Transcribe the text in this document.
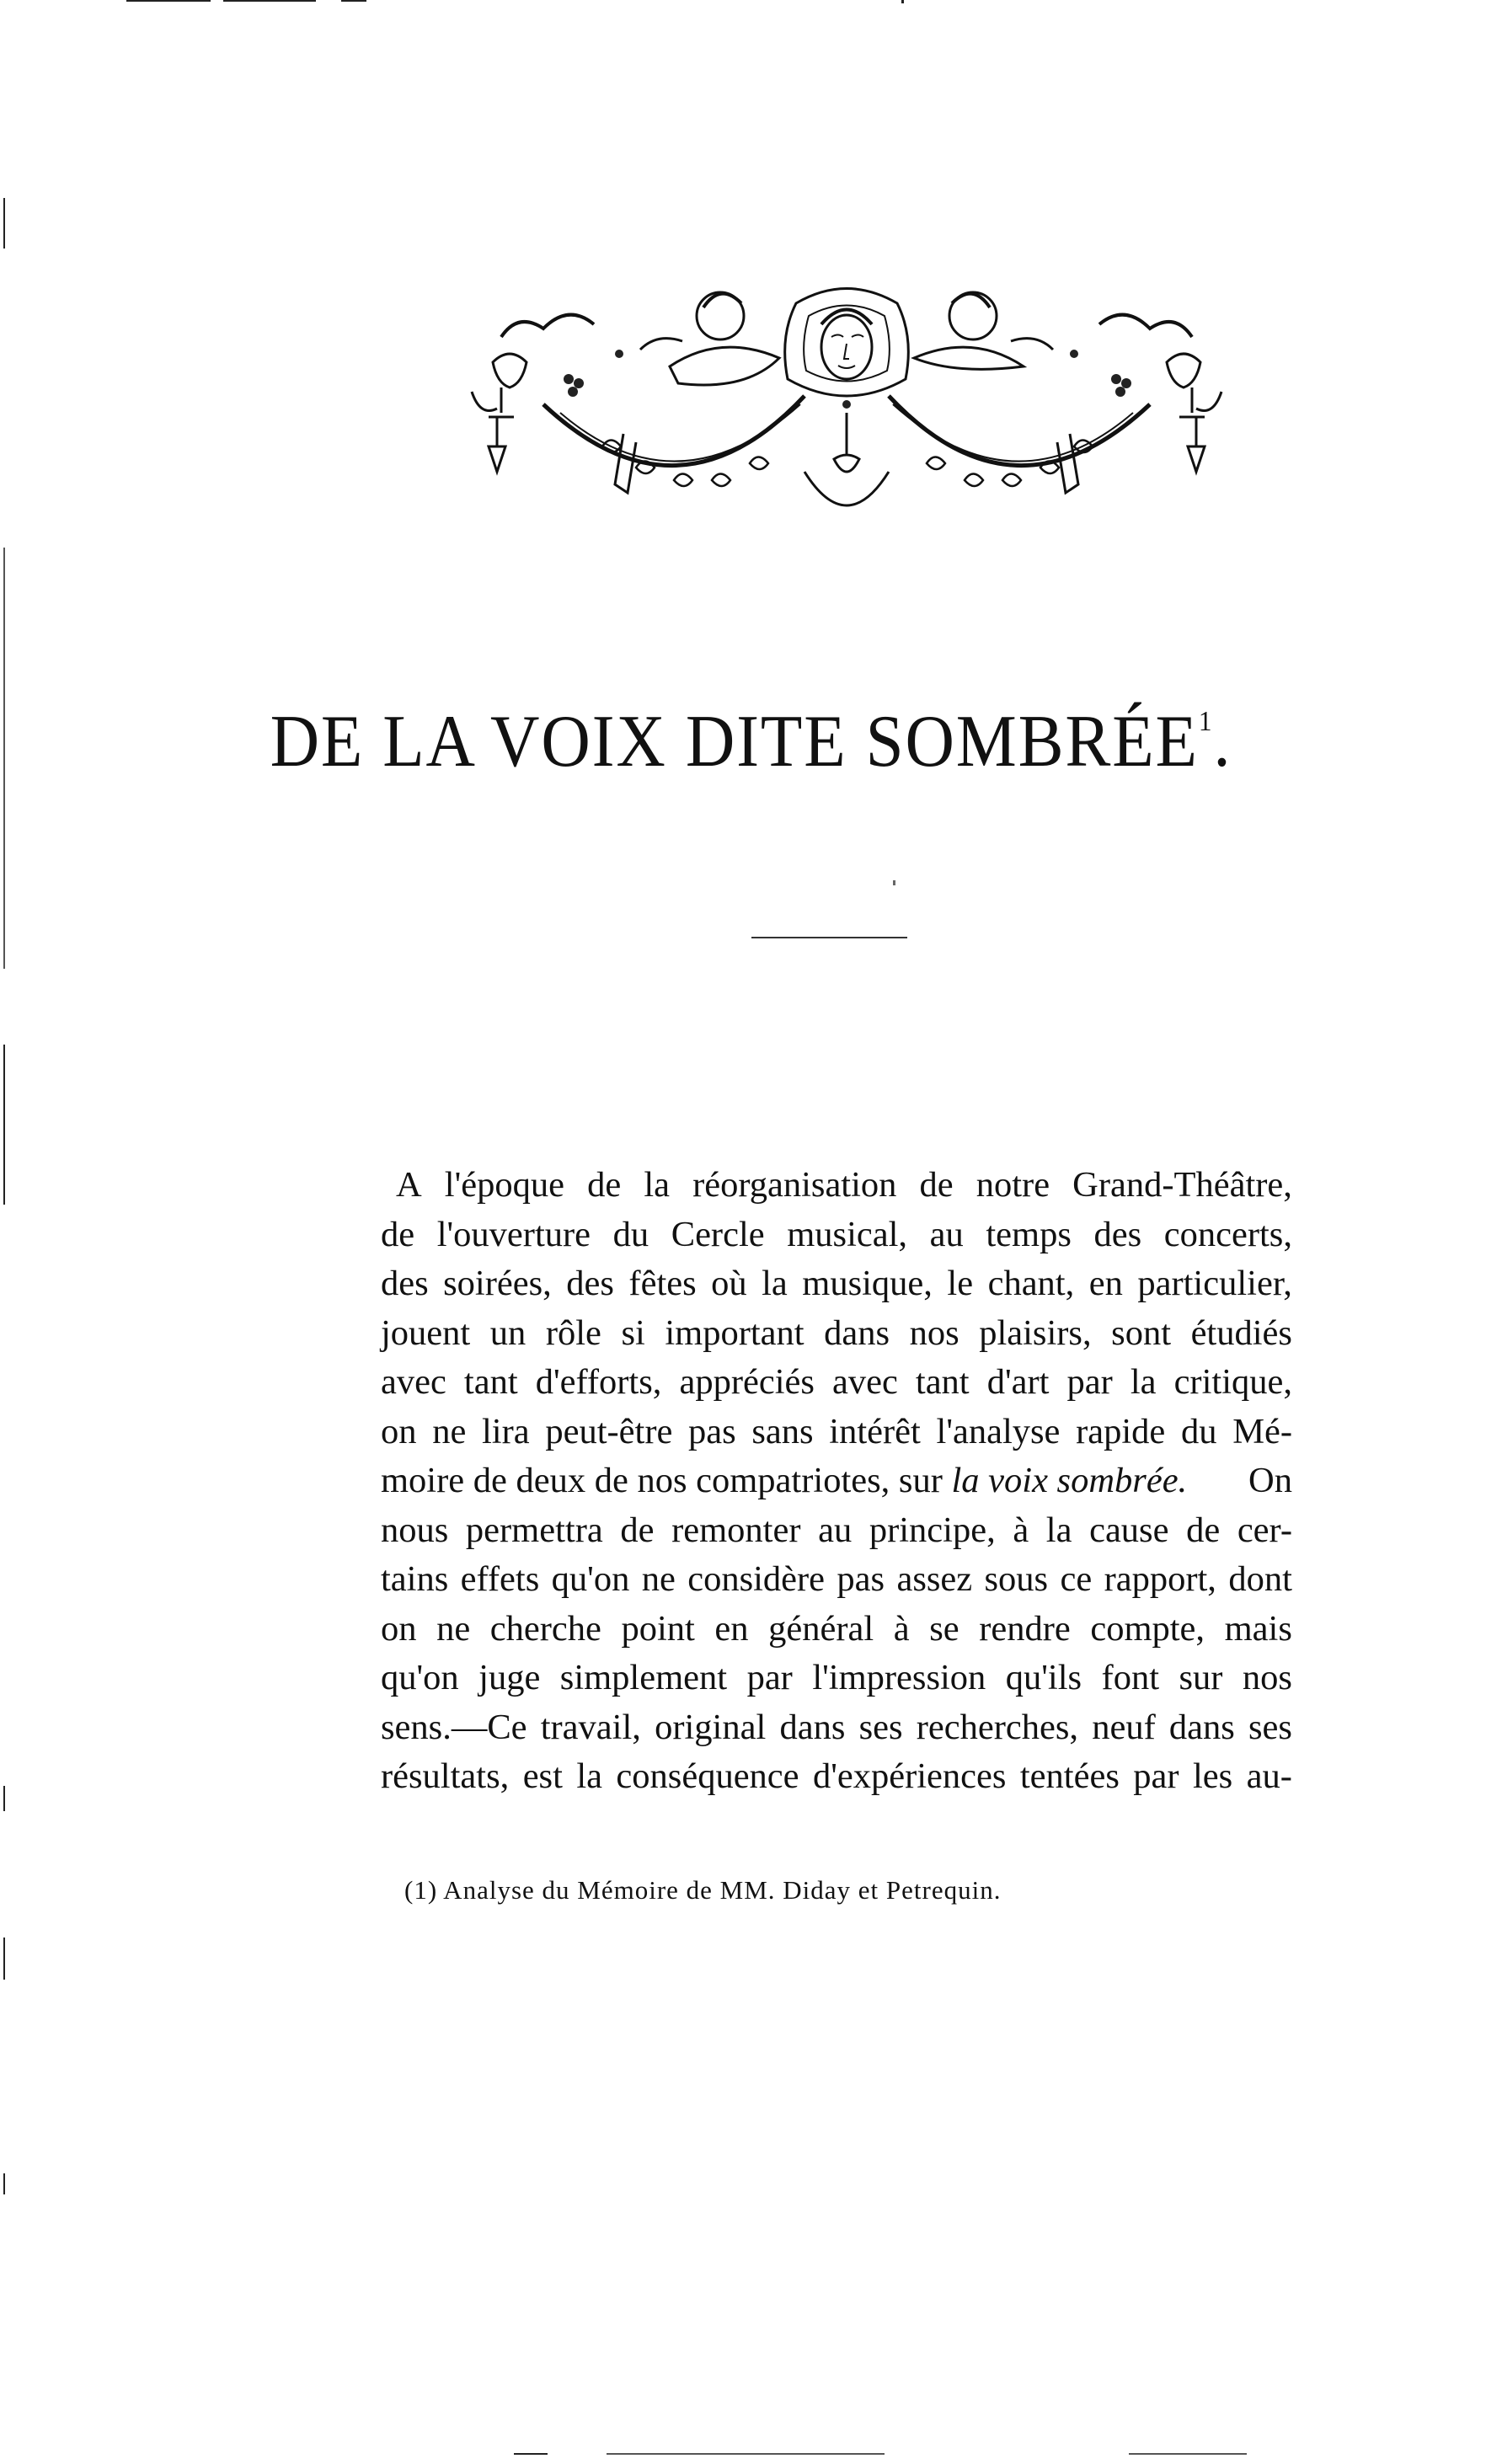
DE LA VOIX DITE SOMBRÉE$^1$.
A l'époque de la réorganisation de notre Grand-Théâtre,
de l'ouverture du Cercle musical, au temps des concerts,
des soirées, des fêtes où la musique, le chant, en particulier,
jouent un rôle si important dans nos plaisirs, sont étudiés
avec tant d'efforts, appréciés avec tant d'art par la critique,
on ne lira peut-être pas sans intérêt l'analyse rapide du Mé-
moire de deux de nos compatriotes, sur la voix sombrée. On
nous permettra de remonter au principe, à la cause de cer-
tains effets qu'on ne considère pas assez sous ce rapport, dont
on ne cherche point en général à se rendre compte, mais
qu'on juge simplement par l'impression qu'ils font sur nos
sens.—Ce travail, original dans ses recherches, neuf dans ses
résultats, est la conséquence d'expériences tentées par les au-
(1) Analyse du Mémoire de MM. Diday et Petrequin.
